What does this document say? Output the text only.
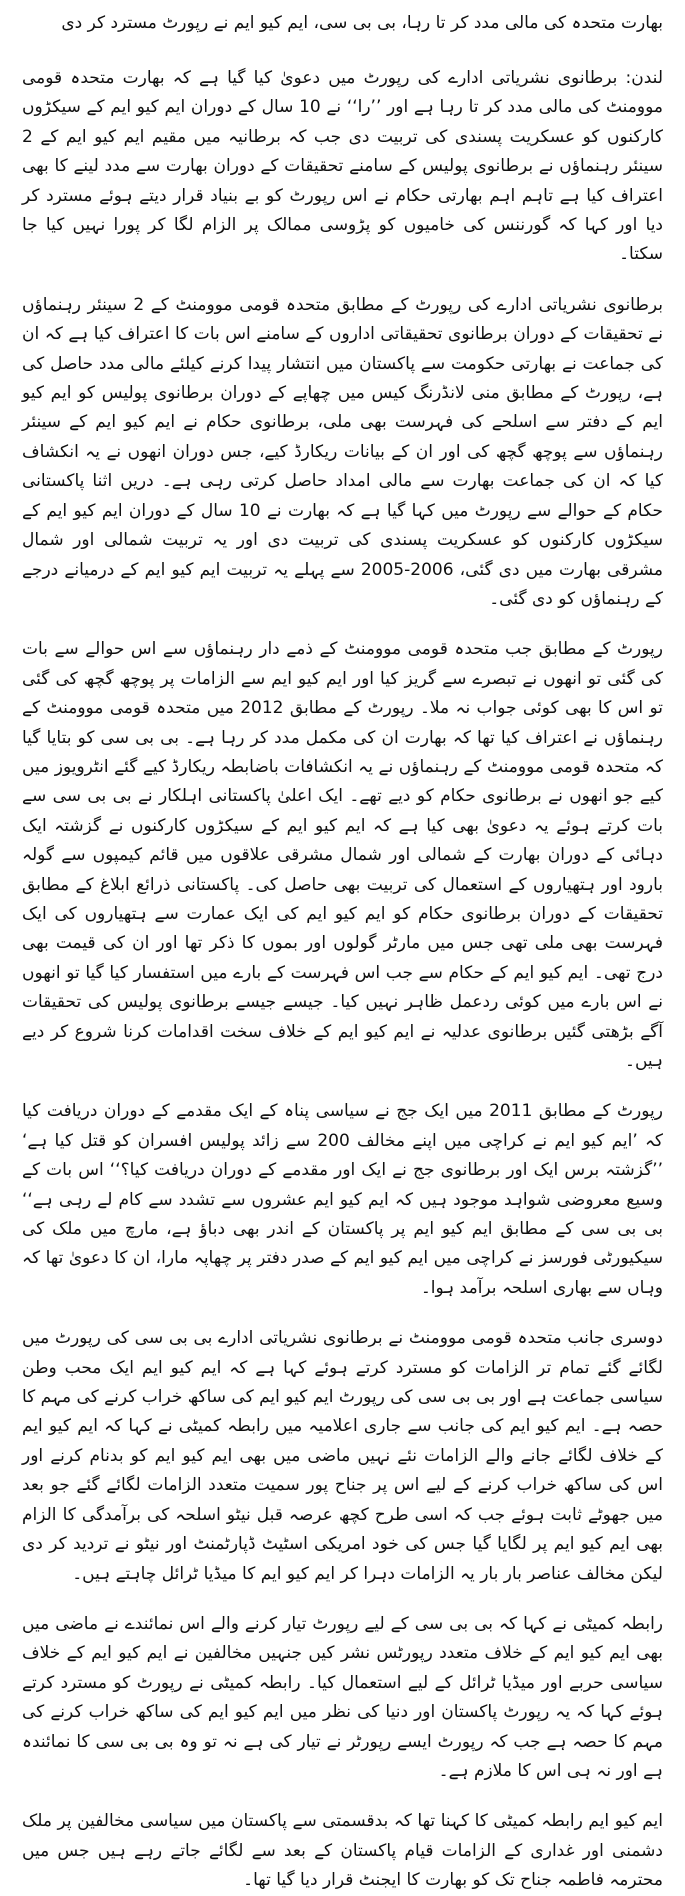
بھارت متحدہ کی مالی مدد کر تا رہا، بی بی سی، ایم کیو ایم نے رپورٹ مسترد کر دی

لندن: برطانوی نشریاتی ادارے کی رپورٹ میں دعویٰ کیا گیا ہے کہ بھارت متحدہ قومی موومنٹ کی مالی مدد کر تا رہا ہے اور ’’را‘‘ نے 10 سال کے دوران ایم کیو ایم کے سیکڑوں کارکنوں کو عسکریت پسندی کی تربیت دی جب کہ برطانیہ میں مقیم ایم کیو ایم کے 2 سینئر رہنماؤں نے برطانوی پولیس کے سامنے تحقیقات کے دوران بھارت سے مدد لینے کا بھی اعتراف کیا ہے تاہم اہم بھارتی حکام نے اس رپورٹ کو بے بنیاد قرار دیتے ہوئے مسترد کر دیا اور کہا کہ گورننس کی خامیوں کو پڑوسی ممالک پر الزام لگا کر پورا نہیں کیا جا سکتا۔

برطانوی نشریاتی ادارے کی رپورٹ کے مطابق متحدہ قومی موومنٹ کے 2 سینئر رہنماؤں نے تحقیقات کے دوران برطانوی تحقیقاتی اداروں کے سامنے اس بات کا اعتراف کیا ہے کہ ان کی جماعت نے بھارتی حکومت سے پاکستان میں انتشار پیدا کرنے کیلئے مالی مدد حاصل کی ہے، رپورٹ کے مطابق منی لانڈرنگ کیس میں چھاپے کے دوران برطانوی پولیس کو ایم کیو ایم کے دفتر سے اسلحے کی فہرست بھی ملی، برطانوی حکام نے ایم کیو ایم کے سینئر رہنماؤں سے پوچھ گچھ کی اور ان کے بیانات ریکارڈ کیے، جس دوران انھوں نے یہ انکشاف کیا کہ ان کی جماعت بھارت سے مالی امداد حاصل کرتی رہی ہے۔ دریں اثنا پاکستانی حکام کے حوالے سے رپورٹ میں کہا گیا ہے کہ بھارت نے 10 سال کے دوران ایم کیو ایم کے سیکڑوں کارکنوں کو عسکریت پسندی کی تربیت دی اور یہ تربیت شمالی اور شمال مشرقی بھارت میں دی گئی، 2006-2005 سے پہلے یہ تربیت ایم کیو ایم کے درمیانے درجے کے رہنماؤں کو دی گئی۔

رپورٹ کے مطابق جب متحدہ قومی موومنٹ کے ذمے دار رہنماؤں سے اس حوالے سے بات کی گئی تو انھوں نے تبصرے سے گریز کیا اور ایم کیو ایم سے الزامات پر پوچھ گچھ کی گئی تو اس کا بھی کوئی جواب نہ ملا۔ رپورٹ کے مطابق 2012 میں متحدہ قومی موومنٹ کے رہنماؤں نے اعتراف کیا تھا کہ بھارت ان کی مکمل مدد کر رہا ہے۔ بی بی سی کو بتایا گیا کہ متحدہ قومی موومنٹ کے رہنماؤں نے یہ انکشافات باضابطہ ریکارڈ کیے گئے انٹرویوز میں کیے جو انھوں نے برطانوی حکام کو دیے تھے۔ ایک اعلیٰ پاکستانی اہلکار نے بی بی سی سے بات کرتے ہوئے یہ دعویٰ بھی کیا ہے کہ ایم کیو ایم کے سیکڑوں کارکنوں نے گزشتہ ایک دہائی کے دوران بھارت کے شمالی اور شمال مشرقی علاقوں میں قائم کیمپوں سے گولہ بارود اور ہتھیاروں کے استعمال کی تربیت بھی حاصل کی۔ پاکستانی ذرائع ابلاغ کے مطابق تحقیقات کے دوران برطانوی حکام کو ایم کیو ایم کی ایک عمارت سے ہتھیاروں کی ایک فہرست بھی ملی تھی جس میں مارٹر گولوں اور بموں کا ذکر تھا اور ان کی قیمت بھی درج تھی۔ ایم کیو ایم کے حکام سے جب اس فہرست کے بارے میں استفسار کیا گیا تو انھوں نے اس بارے میں کوئی ردعمل ظاہر نہیں کیا۔ جیسے جیسے برطانوی پولیس کی تحقیقات آگے بڑھتی گئیں برطانوی عدلیہ نے ایم کیو ایم کے خلاف سخت اقدامات کرنا شروع کر دیے ہیں۔

رپورٹ کے مطابق 2011 میں ایک جج نے سیاسی پناہ کے ایک مقدمے کے دوران دریافت کیا کہ ’ایم کیو ایم نے کراچی میں اپنے مخالف 200 سے زائد پولیس افسران کو قتل کیا ہے‘ ’’گزشتہ برس ایک اور برطانوی جج نے ایک اور مقدمے کے دوران دریافت کیا؟‘‘ اس بات کے وسیع معروضی شواہد موجود ہیں کہ ایم کیو ایم عشروں سے تشدد سے کام لے رہی ہے‘‘ بی بی سی کے مطابق ایم کیو ایم پر پاکستان کے اندر بھی دباؤ ہے، مارچ میں ملک کی سیکیورٹی فورسز نے کراچی میں ایم کیو ایم کے صدر دفتر پر چھاپہ مارا، ان کا دعویٰ تھا کہ وہاں سے بھاری اسلحہ برآمد ہوا۔

دوسری جانب متحدہ قومی موومنٹ نے برطانوی نشریاتی ادارے بی بی سی کی رپورٹ میں لگائے گئے تمام تر الزامات کو مسترد کرتے ہوئے کہا ہے کہ ایم کیو ایم ایک محب وطن سیاسی جماعت ہے اور بی بی سی کی رپورٹ ایم کیو ایم کی ساکھ خراب کرنے کی مہم کا حصہ ہے۔ ایم کیو ایم کی جانب سے جاری اعلامیہ میں رابطہ کمیٹی نے کہا کہ ایم کیو ایم کے خلاف لگائے جانے والے الزامات نئے نہیں ماضی میں بھی ایم کیو ایم کو بدنام کرنے اور اس کی ساکھ خراب کرنے کے لیے اس پر جناح پور سمیت متعدد الزامات لگائے گئے جو بعد میں جھوٹے ثابت ہوئے جب کہ اسی طرح کچھ عرصہ قبل نیٹو اسلحہ کی برآمدگی کا الزام بھی ایم کیو ایم پر لگایا گیا جس کی خود امریکی اسٹیٹ ڈپارٹمنٹ اور نیٹو نے تردید کر دی لیکن مخالف عناصر بار بار یہ الزامات دہرا کر ایم کیو ایم کا میڈیا ٹرائل چاہتے ہیں۔

رابطہ کمیٹی نے کہا کہ بی بی سی کے لیے رپورٹ تیار کرنے والے اس نمائندے نے ماضی میں بھی ایم کیو ایم کے خلاف متعدد رپورٹس نشر کیں جنہیں مخالفین نے ایم کیو ایم کے خلاف سیاسی حربے اور میڈیا ٹرائل کے لیے استعمال کیا۔ رابطہ کمیٹی نے رپورٹ کو مسترد کرتے ہوئے کہا کہ یہ رپورٹ پاکستان اور دنیا کی نظر میں ایم کیو ایم کی ساکھ خراب کرنے کی مہم کا حصہ ہے جب کہ رپورٹ ایسے رپورٹر نے تیار کی ہے نہ تو وہ بی بی سی کا نمائندہ ہے اور نہ ہی اس کا ملازم ہے۔

ایم کیو ایم رابطہ کمیٹی کا کہنا تھا کہ بدقسمتی سے پاکستان میں سیاسی مخالفین پر ملک دشمنی اور غداری کے الزامات قیام پاکستان کے بعد سے لگائے جاتے رہے ہیں جس میں محترمہ فاطمہ جناح تک کو بھارت کا ایجنٹ قرار دیا گیا تھا۔
